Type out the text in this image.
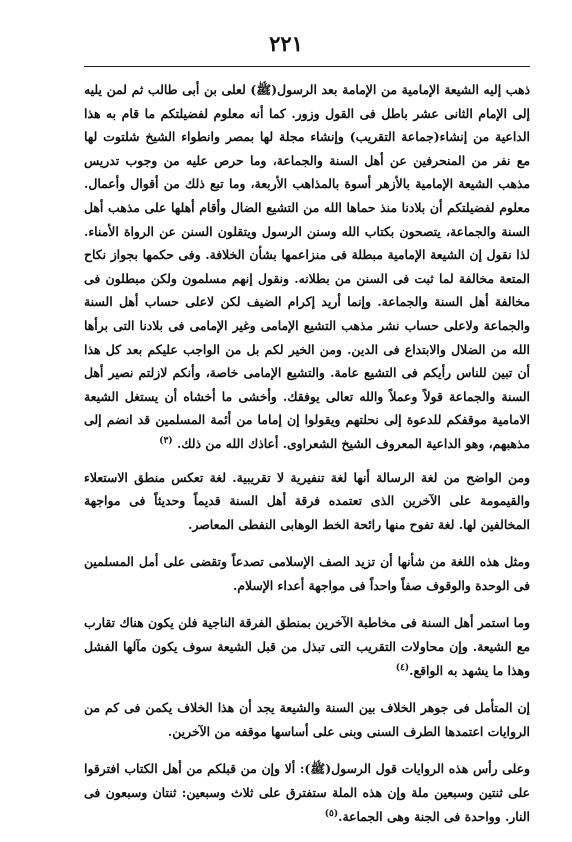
٢٢١

ذهب إليه الشيعة الإمامية من الإمامة بعد الرسول(ﷺ) لعلى بن أبى طالب ثم لمن يليه إلى الإمام الثانى عشر باطل فى القول وزور. كما أنه معلوم لفضيلتكم ما قام به هذا الداعية من إنشاء(جماعة التقريب) وإنشاء مجلة لها بمصر وانطواء الشيخ شلتوت لها مع نفر من المنحرفين عن أهل السنة والجماعة، وما حرص عليه من وجوب تدريس مذهب الشيعة الإمامية بالأزهر أسوة بالمذاهب الأربعة، وما تبع ذلك من أقوال وأعمال. معلوم لفضيلتكم أن بلادنا منذ حماها الله من التشيع الضال وأقام أهلها على مذهب أهل السنة والجماعة، يتصحون بكتاب الله وسنن الرسول ويتقلون السنن عن الرواة الأمناء. لذا نقول إن الشيعة الإمامية مبطلة فى منزاعمها بشأن الخلافة. وفى حكمها بجواز نكاح المتعة مخالفة لما ثبت فى السنن من بطلانه. ونقول إنهم مسلمون ولكن مبطلون فى مخالفة أهل السنة والجماعة. وإنما أريد إكرام الضيف لكن لاعلى حساب أهل السنة والجماعة ولاعلى حساب نشر مذهب التشيع الإمامى وغير الإمامى فى بلادنا التى برأها الله من الضلال والابتداع فى الدين. ومن الخير لكم بل من الواجب عليكم بعد كل هذا أن تبين للناس رأيكم فى التشيع عامة. والتشيع الإمامى خاصة، وأنكم لازلتم نصير أهل السنة والجماعة قولاً وعملاً والله تعالى يوفقك. وأخشى ما أخشاه أن يستغل الشيعة الامامية موقفكم للدعوة إلى نحلتهم ويقولوا إن إماما من أئمة المسلمين قد انضم إلى مذهبهم، وهو الداعية المعروف الشيخ الشعراوى. أعاذك الله من ذلك. $^{(٣)}$

ومن الواضح من لغة الرسالة أنها لغة تنفيرية لا تقريبية. لغة تعكس منطق الاستعلاء والقيمومة على الآخرين الذى تعتمده فرقة أهل السنة قديماً وحديثاً فى مواجهة المخالفين لها. لغة تفوح منها رائحة الخط الوهابى النفطى المعاصر.

ومثل هذه اللغة من شأنها أن تزيد الصف الإسلامى تصدعاً وتقضى على أمل المسلمين فى الوحدة والوقوف صفاً واحداً فى مواجهة أعداء الإسلام.

وما استمر أهل السنة فى مخاطبة الآخرين بمنطق الفرقة الناجية فلن يكون هناك تقارب مع الشيعة. وإن محاولات التقريب التى تبذل من قبل الشيعة سوف يكون مآلها الفشل وهذا ما يشهد به الواقع.$^{(٤)}$

إن المتأمل فى جوهر الخلاف بين السنة والشيعة يجد أن هذا الخلاف يكمن فى كم من الروايات اعتمدها الطرف السنى وبنى على أساسها موقفه من الآخرين.

وعلى رأس هذه الروايات قول الرسول(ﷺ): ألا وإن من قبلكم من أهل الكتاب افترقوا على ثنتين وسبعين ملة وإن هذه الملة ستفترق على ثلاث وسبعين: ثنتان وسبعون فى النار. وواحدة فى الجنة وهى الجماعة.$^{(٥)}$
